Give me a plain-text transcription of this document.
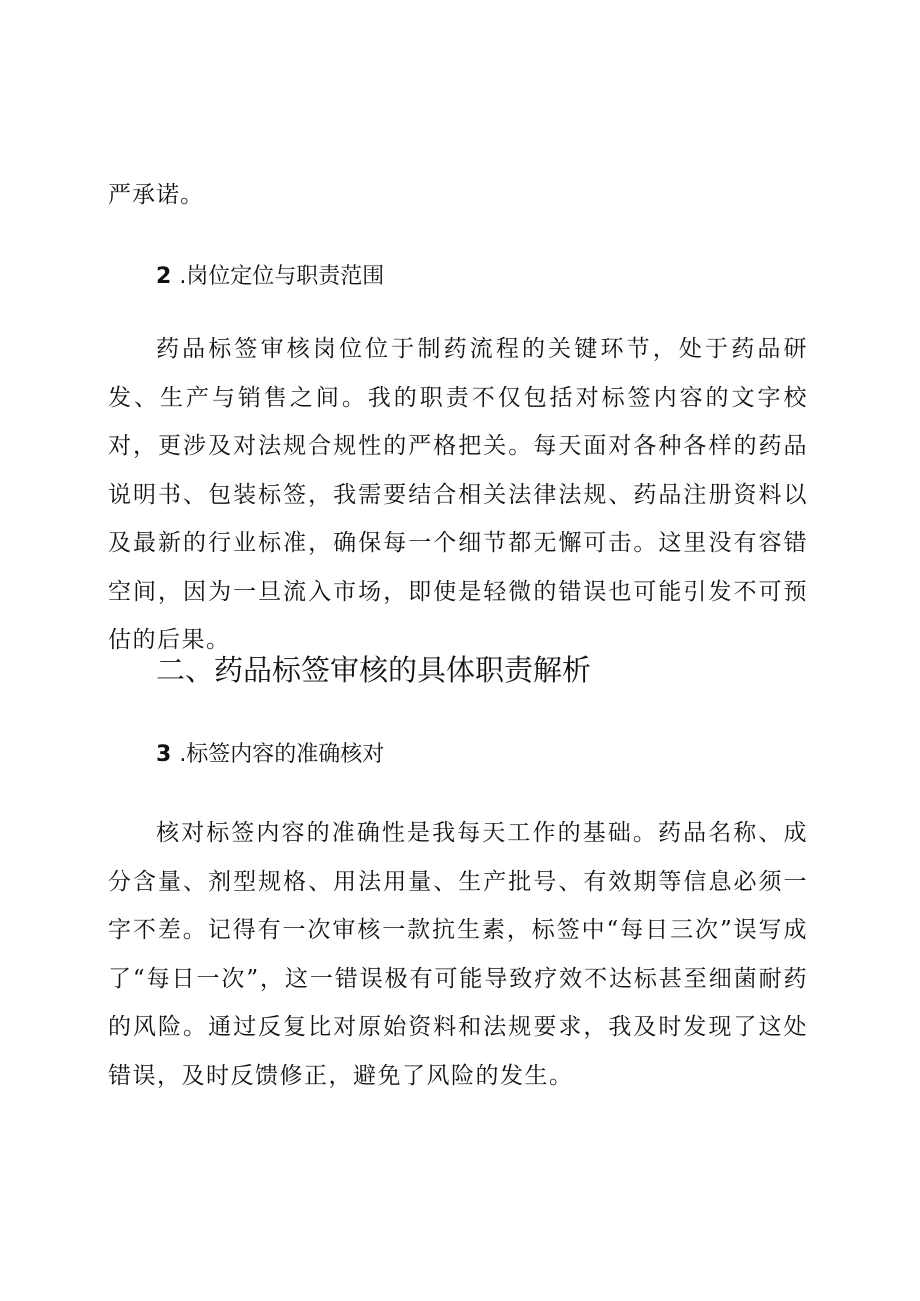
严承诺。

2 .岗位定位与职责范围

药品标签审核岗位位于制药流程的关键环节，处于药品研发、生产与销售之间。我的职责不仅包括对标签内容的文字校对，更涉及对法规合规性的严格把关。每天面对各种各样的药品说明书、包装标签，我需要结合相关法律法规、药品注册资料以及最新的行业标准，确保每一个细节都无懈可击。这里没有容错空间，因为一旦流入市场，即使是轻微的错误也可能引发不可预估的后果。

二、药品标签审核的具体职责解析
3 .标签内容的准确核对

核对标签内容的准确性是我每天工作的基础。药品名称、成分含量、剂型规格、用法用量、生产批号、有效期等信息必须一字不差。记得有一次审核一款抗生素，标签中“每日三次”误写成了“每日一次”，这一错误极有可能导致疗效不达标甚至细菌耐药的风险。通过反复比对原始资料和法规要求，我及时发现了这处错误，及时反馈修正，避免了风险的发生。
